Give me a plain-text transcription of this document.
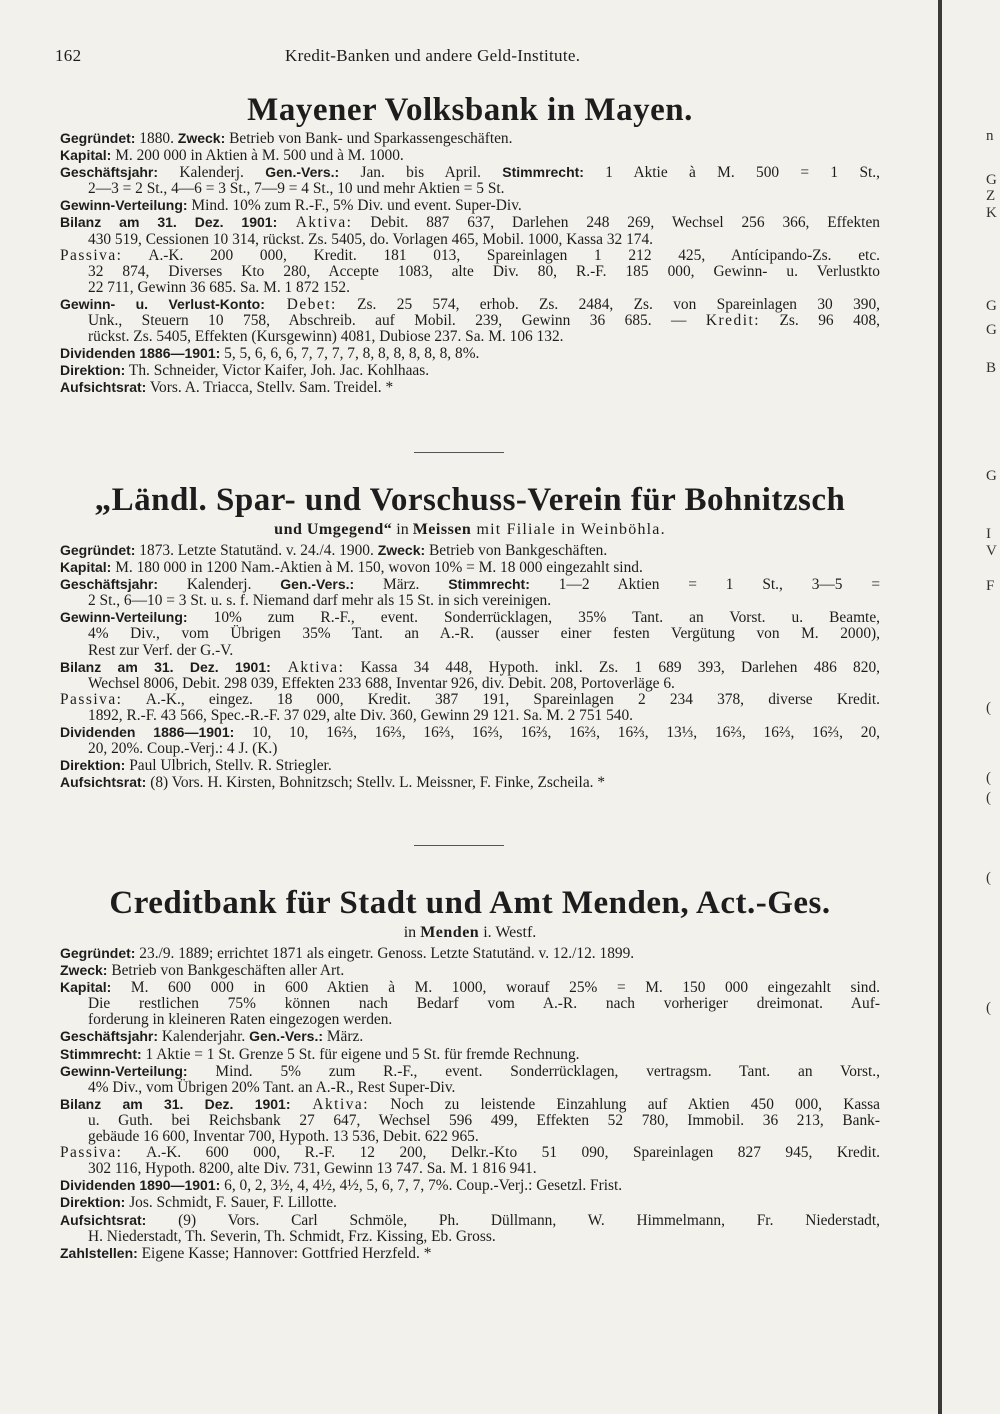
162	Kredit-Banken und andere Geld-Institute.
n
G
Z
K
G
G
B
G
I
V
F
(
(
(
(
(
Mayener Volksbank in Mayen.
Gegründet: 1880. Zweck: Betrieb von Bank- und Sparkassengeschäften.
Kapital: M. 200 000 in Aktien à M. 500 und à M. 1000.
Geschäftsjahr: Kalenderj. Gen.-Vers.: Jan. bis April. Stimmrecht: 1 Aktie à M. 500 = 1 St.,
2—3 = 2 St., 4—6 = 3 St., 7—9 = 4 St., 10 und mehr Aktien = 5 St.
Gewinn-Verteilung: Mind. 10% zum R.-F., 5% Div. und event. Super-Div.
Bilanz am 31. Dez. 1901: Aktiva: Debit. 887 637, Darlehen 248 269, Wechsel 256 366, Effekten
430 519, Cessionen 10 314, rückst. Zs. 5405, do. Vorlagen 465, Mobil. 1000, Kassa 32 174.
Passiva: A.-K. 200 000, Kredit. 181 013, Spareinlagen 1 212 425, Antícipando-Zs. etc.
32 874, Diverses Kto 280, Accepte 1083, alte Div. 80, R.-F. 185 000, Gewinn- u. Verlustkto
22 711, Gewinn 36 685. Sa. M. 1 872 152.
Gewinn- u. Verlust-Konto: Debet: Zs. 25 574, erhob. Zs. 2484, Zs. von Spareinlagen 30 390,
Unk., Steuern 10 758, Abschreib. auf Mobil. 239, Gewinn 36 685. — Kredit: Zs. 96 408,
rückst. Zs. 5405, Effekten (Kursgewinn) 4081, Dubiose 237. Sa. M. 106 132.
Dividenden 1886—1901: 5, 5, 6, 6, 6, 7, 7, 7, 7, 8, 8, 8, 8, 8, 8, 8%.
Direktion: Th. Schneider, Victor Kaifer, Joh. Jac. Kohlhaas.
Aufsichtsrat: Vors. A. Triacca, Stellv. Sam. Treidel. *
„Ländl. Spar- und Vorschuss-Verein für Bohnitzsch

und Umgegend“ in Meissen mit Filiale in Weinböhla.

Gegründet: 1873. Letzte Statutänd. v. 24./4. 1900. Zweck: Betrieb von Bankgeschäften.
Kapital: M. 180 000 in 1200 Nam.-Aktien à M. 150, wovon 10% = M. 18 000 eingezahlt sind.
Geschäftsjahr: Kalenderj. Gen.-Vers.: März. Stimmrecht: 1—2 Aktien = 1 St., 3—5 =
2 St., 6—10 = 3 St. u. s. f. Niemand darf mehr als 15 St. in sich vereinigen.
Gewinn-Verteilung: 10% zum R.-F., event. Sonderrücklagen, 35% Tant. an Vorst. u. Beamte,
4% Div., vom Übrigen 35% Tant. an A.-R. (ausser einer festen Vergütung von M. 2000),
Rest zur Verf. der G.-V.
Bilanz am 31. Dez. 1901: Aktiva: Kassa 34 448, Hypoth. inkl. Zs. 1 689 393, Darlehen 486 820,
Wechsel 8006, Debit. 298 039, Effekten 233 688, Inventar 926, div. Debit. 208, Portoverläge 6.
Passiva: A.-K., eingez. 18 000, Kredit. 387 191, Spareinlagen 2 234 378, diverse Kredit.
1892, R.-F. 43 566, Spec.-R.-F. 37 029, alte Div. 360, Gewinn 29 121. Sa. M. 2 751 540.
Dividenden 1886—1901: 10, 10, 16⅔, 16⅔, 16⅔, 16⅔, 16⅔, 16⅔, 16⅔, 13⅓, 16⅔, 16⅔, 16⅔, 20,
20, 20%. Coup.-Verj.: 4 J. (K.)
Direktion: Paul Ulbrich, Stellv. R. Striegler.
Aufsichtsrat: (8) Vors. H. Kirsten, Bohnitzsch; Stellv. L. Meissner, F. Finke, Zscheila. *
Creditbank für Stadt und Amt Menden, Act.-Ges.

in Menden i. Westf.

Gegründet: 23./9. 1889; errichtet 1871 als eingetr. Genoss. Letzte Statutänd. v. 12./12. 1899.
Zweck: Betrieb von Bankgeschäften aller Art.
Kapital: M. 600 000 in 600 Aktien à M. 1000, worauf 25% = M. 150 000 eingezahlt sind.
Die restlichen 75% können nach Bedarf vom A.-R. nach vorheriger dreimonat. Auf-
forderung in kleineren Raten eingezogen werden.
Geschäftsjahr: Kalenderjahr. Gen.-Vers.: März.
Stimmrecht: 1 Aktie = 1 St. Grenze 5 St. für eigene und 5 St. für fremde Rechnung.
Gewinn-Verteilung: Mind. 5% zum R.-F., event. Sonderrücklagen, vertragsm. Tant. an Vorst.,
4% Div., vom Übrigen 20% Tant. an A.-R., Rest Super-Div.
Bilanz am 31. Dez. 1901: Aktiva: Noch zu leistende Einzahlung auf Aktien 450 000, Kassa
u. Guth. bei Reichsbank 27 647, Wechsel 596 499, Effekten 52 780, Immobil. 36 213, Bank-
gebäude 16 600, Inventar 700, Hypoth. 13 536, Debit. 622 965.
Passiva: A.-K. 600 000, R.-F. 12 200, Delkr.-Kto 51 090, Spareinlagen 827 945, Kredit.
302 116, Hypoth. 8200, alte Div. 731, Gewinn 13 747. Sa. M. 1 816 941.
Dividenden 1890—1901: 6, 0, 2, 3½, 4, 4½, 4½, 5, 6, 7, 7, 7%. Coup.-Verj.: Gesetzl. Frist.
Direktion: Jos. Schmidt, F. Sauer, F. Lillotte.
Aufsichtsrat: (9) Vors. Carl Schmöle, Ph. Düllmann, W. Himmelmann, Fr. Niederstadt,
H. Niederstadt, Th. Severin, Th. Schmidt, Frz. Kissing, Eb. Gross.
Zahlstellen: Eigene Kasse; Hannover: Gottfried Herzfeld. *
